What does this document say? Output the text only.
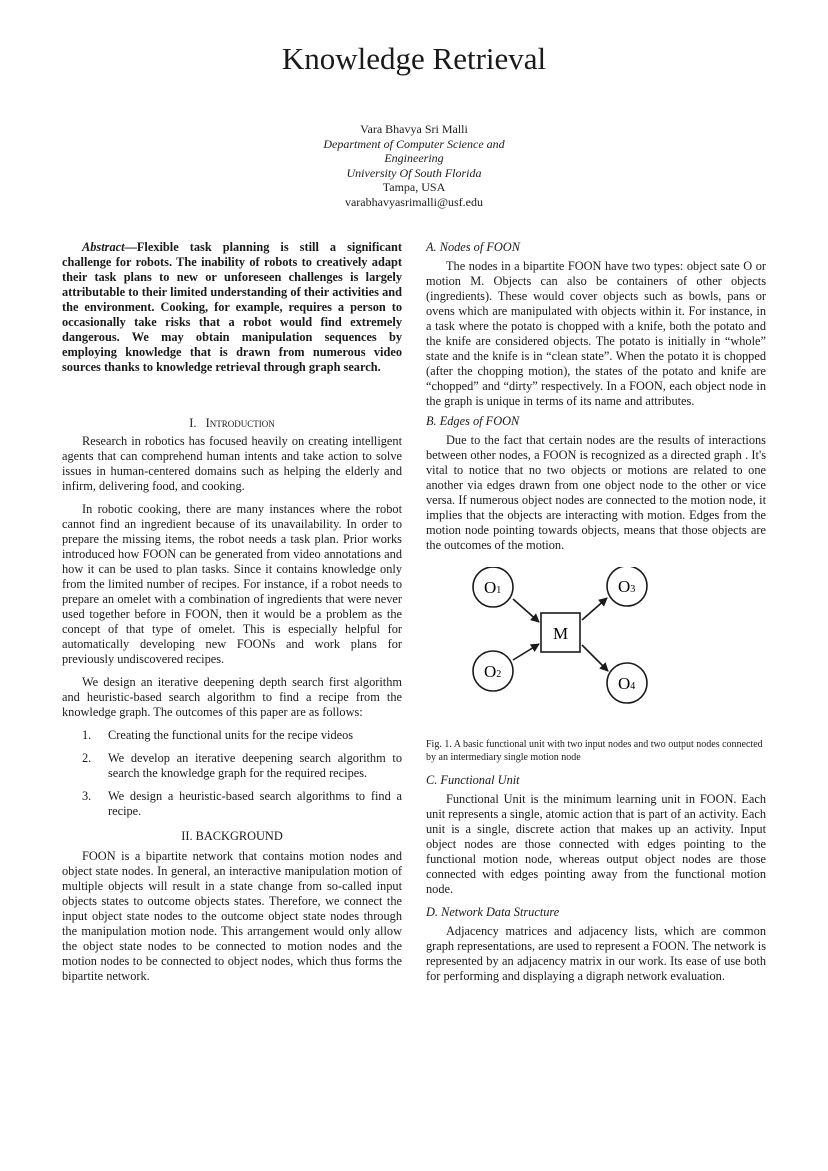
Knowledge Retrieval
Vara Bhavya Sri Malli
Department of Computer Science and
Engineering
University Of South Florida
Tampa, USA
varabhavyasrimalli@usf.edu

Abstract—Flexible task planning is still a significant challenge for robots. The inability of robots to creatively adapt their task plans to new or unforeseen challenges is largely attributable to their limited understanding of their activities and the environment. Cooking, for example, requires a person to occasionally take risks that a robot would find extremely dangerous. We may obtain manipulation sequences by employing knowledge that is drawn from numerous video sources thanks to knowledge retrieval through graph search.

I. Introduction

Research in robotics has focused heavily on creating intelligent agents that can comprehend human intents and take action to solve issues in human-centered domains such as helping the elderly and infirm, delivering food, and cooking.

In robotic cooking, there are many instances where the robot cannot find an ingredient because of its unavailability. In order to prepare the missing items, the robot needs a task plan. Prior works introduced how FOON can be generated from video annotations and how it can be used to plan tasks. Since it contains knowledge only from the limited number of recipes. For instance, if a robot needs to prepare an omelet with a combination of ingredients that were never used together before in FOON, then it would be a problem as the concept of that type of omelet. This is especially helpful for automatically developing new FOONs and work plans for previously undiscovered recipes.

We design an iterative deepening depth search first algorithm and heuristic-based search algorithm to find a recipe from the knowledge graph. The outcomes of this paper are as follows:

1.	Creating the functional units for the recipe videos
2.	We develop an iterative deepening search algorithm to search the knowledge graph for the required recipes.
3.	We design a heuristic-based search algorithms to find a recipe.

II. BACKGROUND

FOON is a bipartite network that contains motion nodes and object state nodes. In general, an interactive manipulation motion of multiple objects will result in a state change from so-called input objects states to outcome objects states. Therefore, we connect the input object state nodes to the outcome object state nodes through the manipulation motion node. This arrangement would only allow the object state nodes to be connected to motion nodes and the motion nodes to be connected to object nodes, which thus forms the bipartite network.

A. Nodes of FOON

The nodes in a bipartite FOON have two types: object sate O or motion M. Objects can also be containers of other objects (ingredients). These would cover objects such as bowls, pans or ovens which are manipulated with objects within it. For instance, in a task where the potato is chopped with a knife, both the potato and the knife are considered objects. The potato is initially in “whole” state and the knife is in “clean state”. When the potato it is chopped (after the chopping motion), the states of the potato and knife are “chopped” and “dirty” respectively. In a FOON, each object node in the graph is unique in terms of its name and attributes.

B. Edges of FOON

Due to the fact that certain nodes are the results of interactions between other nodes, a FOON is recognized as a directed graph . It's vital to notice that no two objects or motions are related to one another via edges drawn from one object node to the other or vice versa. If numerous object nodes are connected to the motion node, it implies that the objects are interacting with motion. Edges from the motion node pointing towards objects, means that those objects are the outcomes of the motion.

O1
O2
M
O3
O4

Fig. 1. A basic functional unit with two input nodes and two output nodes connected by an intermediary single motion node

C. Functional Unit

Functional Unit is the minimum learning unit in FOON. Each unit represents a single, atomic action that is part of an activity. Each unit is a single, discrete action that makes up an activity. Input object nodes are those connected with edges pointing to the functional motion node, whereas output object nodes are those connected with edges pointing away from the functional motion node.

D. Network Data Structure

Adjacency matrices and adjacency lists, which are common graph representations, are used to represent a FOON. The network is represented by an adjacency matrix in our work. Its ease of use both for performing and displaying a digraph network evaluation.
